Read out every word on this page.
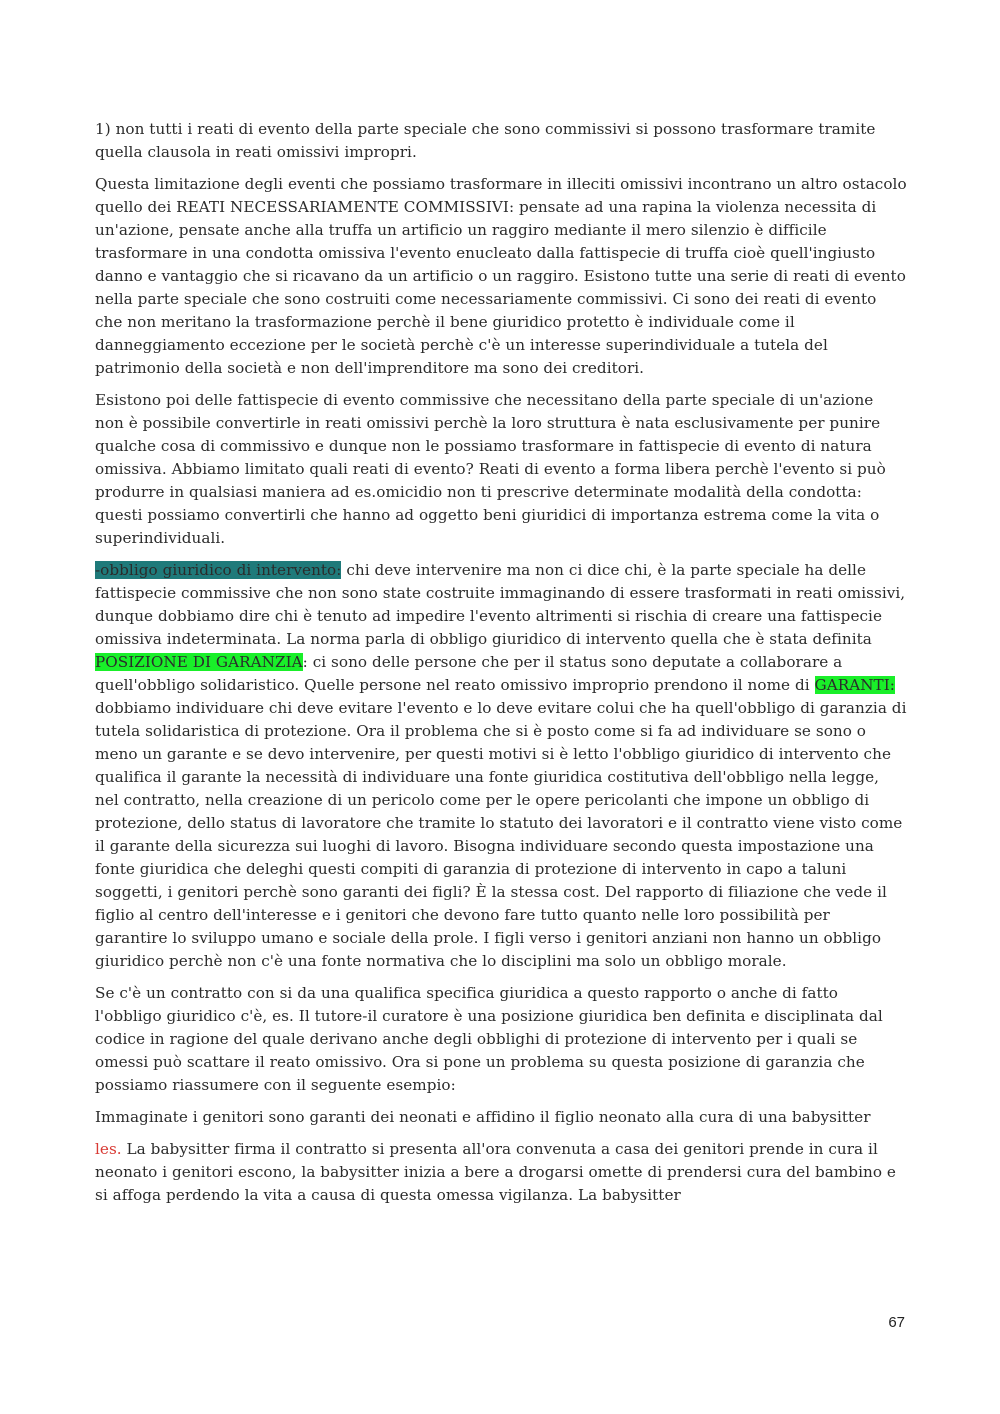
1) non tutti i reati di evento della parte speciale che sono commissivi si possono trasformare tramite quella clausola in reati omissivi impropri.

Questa limitazione degli eventi che possiamo trasformare in illeciti omissivi incontrano un altro ostacolo quello dei REATI NECESSARIAMENTE COMMISSIVI: pensate ad una rapina la violenza necessita di un'azione, pensate anche alla truffa un artificio un raggiro mediante il mero silenzio è difficile trasformare in una condotta omissiva l'evento enucleato dalla fattispecie di truffa cioè quell'ingiusto danno e vantaggio che si ricavano da un artificio o un raggiro. Esistono tutte una serie di reati di evento nella parte speciale che sono costruiti come necessariamente commissivi. Ci sono dei reati di evento che non meritano la trasformazione perchè il bene giuridico protetto è individuale come il danneggiamento eccezione per le società perchè c'è un interesse superindividuale a tutela del patrimonio della società e non dell'imprenditore ma sono dei creditori.

Esistono poi delle fattispecie di evento commissive che necessitano della parte speciale di un'azione non è possibile convertirle in reati omissivi perchè la loro struttura è nata esclusivamente per punire qualche cosa di commissivo e dunque non le possiamo trasformare in fattispecie di evento di natura omissiva. Abbiamo limitato quali reati di evento? Reati di evento a forma libera perchè l'evento si può produrre in qualsiasi maniera ad es.omicidio non ti prescrive determinate modalità della condotta: questi possiamo convertirli che hanno ad oggetto beni giuridici di importanza estrema come la vita o superindividuali.

-obbligo giuridico di intervento: chi deve intervenire ma non ci dice chi, è la parte speciale ha delle fattispecie commissive che non sono state costruite immaginando di essere trasformati in reati omissivi, dunque dobbiamo dire chi è tenuto ad impedire l'evento altrimenti si rischia di creare una fattispecie omissiva indeterminata. La norma parla di obbligo giuridico di intervento quella che è stata definita POSIZIONE DI GARANZIA: ci sono delle persone che per il status sono deputate a collaborare a quell'obbligo solidaristico. Quelle persone nel reato omissivo improprio prendono il nome di GARANTI: dobbiamo individuare chi deve evitare l'evento e lo deve evitare colui che ha quell'obbligo di garanzia di tutela solidaristica di protezione. Ora il problema che si è posto come si fa ad individuare se sono o meno un garante e se devo intervenire, per questi motivi si è letto l'obbligo giuridico di intervento che qualifica il garante la necessità di individuare una fonte giuridica costitutiva dell'obbligo nella legge, nel contratto, nella creazione di un pericolo come per le opere pericolanti che impone un obbligo di protezione, dello status di lavoratore che tramite lo statuto dei lavoratori e il contratto viene visto come il garante della sicurezza sui luoghi di lavoro. Bisogna individuare secondo questa impostazione una fonte giuridica che deleghi questi compiti di garanzia di protezione di intervento in capo a taluni soggetti, i genitori perchè sono garanti dei figli? È la stessa cost. Del rapporto di filiazione che vede il figlio al centro dell'interesse e i genitori che devono fare tutto quanto nelle loro possibilità per garantire lo sviluppo umano e sociale della prole. I figli verso i genitori anziani non hanno un obbligo giuridico perchè non c'è una fonte normativa che lo disciplini ma solo un obbligo morale.

Se c'è un contratto con si da una qualifica specifica giuridica a questo rapporto o anche di fatto l'obbligo giuridico c'è, es. Il tutore-il curatore è una posizione giuridica ben definita e disciplinata dal codice in ragione del quale derivano anche degli obblighi di protezione di intervento per i quali se omessi può scattare il reato omissivo. Ora si pone un problema su questa posizione di garanzia che possiamo riassumere con il seguente esempio:

Immaginate i genitori sono garanti dei neonati e affidino il figlio neonato alla cura di una babysitter

les. La babysitter firma il contratto si presenta all'ora convenuta a casa dei genitori prende in cura il neonato i genitori escono, la babysitter inizia a bere a drogarsi omette di prendersi cura del bambino e si affoga perdendo la vita a causa di questa omessa vigilanza. La babysitter

67
